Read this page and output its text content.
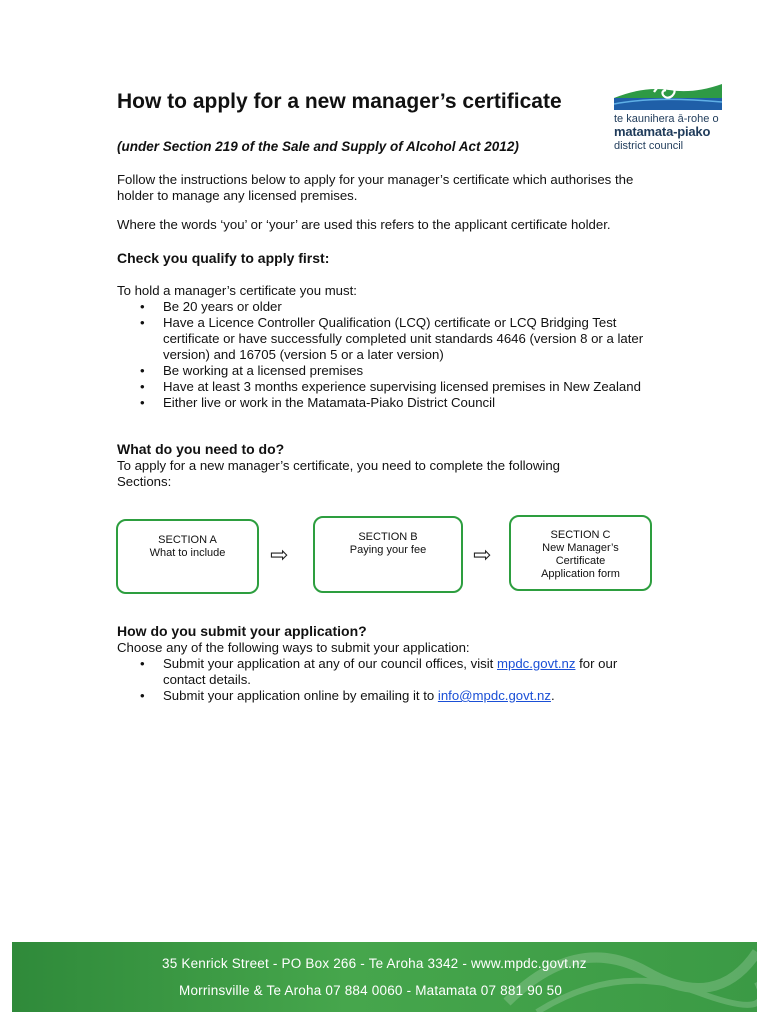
How to apply for a new manager’s certificate
(under Section 219 of the Sale and Supply of Alcohol Act 2012)
te kaunihera ā-rohe o
matamata-piako
district council
Follow the instructions below to apply for your manager’s certificate which authorises the holder to manage any licensed premises.
Where the words ‘you’ or ‘your’ are used this refers to the applicant certificate holder.
Check you qualify to apply first:
To hold a manager’s certificate you must:
• Be 20 years or older
• Have a Licence Controller Qualification (LCQ) certificate or LCQ Bridging Test certificate or have successfully completed unit standards 4646 (version 8 or a later version) and 16705 (version 5 or a later version)
• Be working at a licensed premises
• Have at least 3 months experience supervising licensed premises in New Zealand
• Either live or work in the Matamata-Piako District Council
What do you need to do?
To apply for a new manager’s certificate, you need to complete the following Sections:
SECTION A
What to include	⇨
SECTION B
Paying your fee	⇨
SECTION C
New Manager’s Certificate Application form
How do you submit your application?
Choose any of the following ways to submit your application:
• Submit your application at any of our council offices, visit mpdc.govt.nz for our contact details.
• Submit your application online by emailing it to info@mpdc.govt.nz.
35 Kenrick Street - PO Box 266 - Te Aroha 3342 - www.mpdc.govt.nz
Morrinsville & Te Aroha 07 884 0060 - Matamata 07 881 90 50
